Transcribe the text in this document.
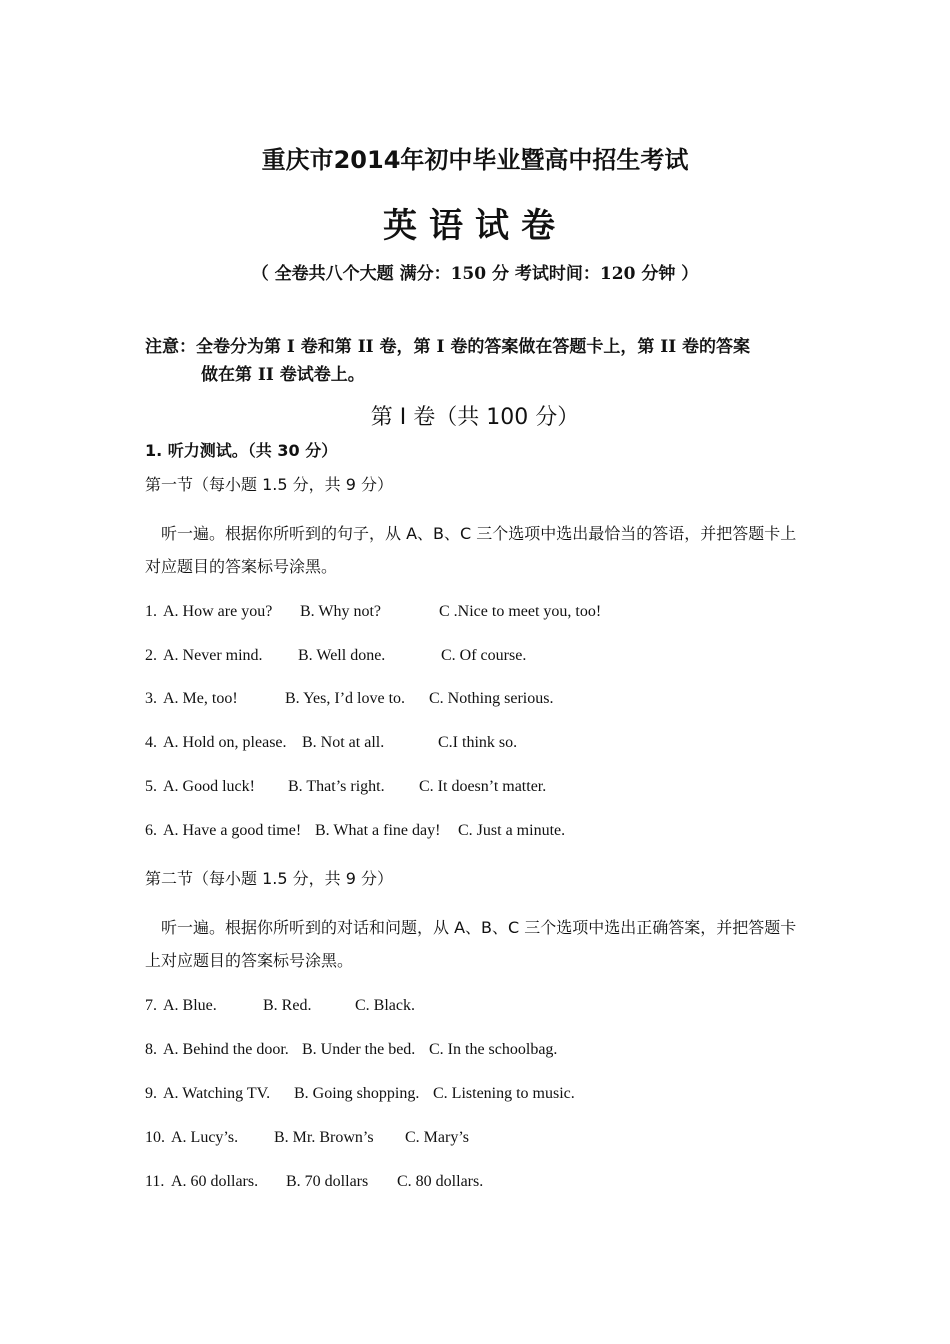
重庆市2014年初中毕业暨高中招生考试
英语试卷
（ 全卷共八个大题 满分：150 分 考试时间：120 分钟 ）
注意：全卷分为第 I 卷和第 II 卷，第 I 卷的答案做在答题卡上，第 II 卷的答案
做在第 II 卷试卷上。
第 Ⅰ 卷（共 100 分）
1. 听力测试。（共 30 分）
第一节（每小题 1.5 分，共 9 分）
听一遍。根据你所听到的句子，从 A、B、C 三个选项中选出最恰当的答语，并把答题卡上对应题目的答案标号涂黑。
1. A. How are you? B. Why not?	C .Nice to meet you, too!
2. A. Never mind. B. Well done.	C. Of course.
3. A. Me, too!	B. Yes, I’d love to. C. Nothing serious.
4. A. Hold on, please. B. Not at all.	C.I think so.
5. A. Good luck! B. That’s right. C. It doesn’t matter.
6. A. Have a good time! B. What a fine day! C. Just a minute.
第二节（每小题 1.5 分，共 9 分）
听一遍。根据你所听到的对话和问题，从 A、B、C 三个选项中选出正确答案，并把答题卡上对应题目的答案标号涂黑。
7. A. Blue.	B. Red.	C. Black.
8. A. Behind the door. B. Under the bed. C. In the schoolbag.
9. A. Watching TV. B. Going shopping. C. Listening to music.
10. A. Lucy’s. B. Mr. Brown’s C. Mary’s
11. A. 60 dollars. B. 70 dollars C. 80 dollars.
